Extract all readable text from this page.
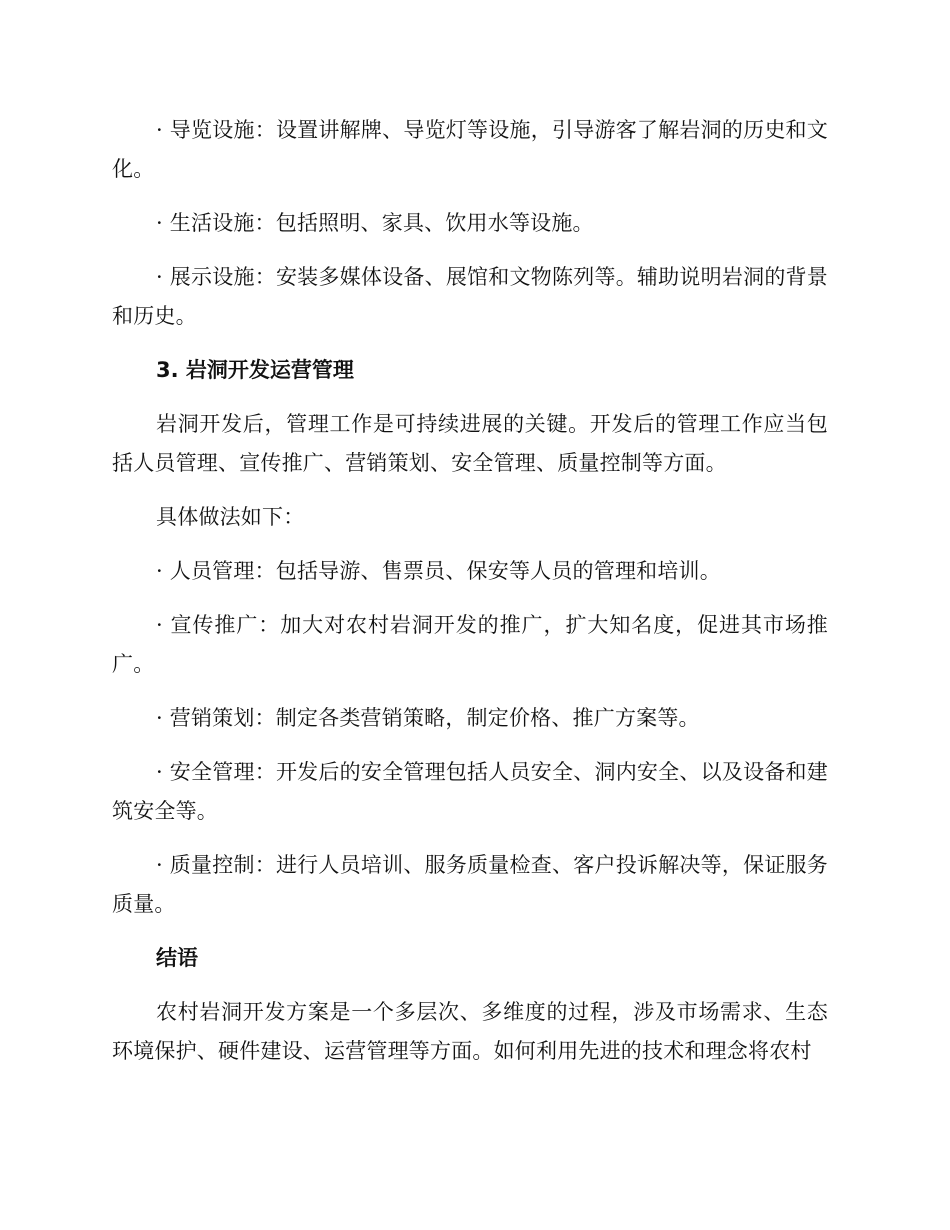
· 导览设施：设置讲解牌、导览灯等设施，引导游客了解岩洞的历史和文化。

· 生活设施：包括照明、家具、饮用水等设施。

· 展示设施：安装多媒体设备、展馆和文物陈列等。辅助说明岩洞的背景和历史。

3. 岩洞开发运营管理

岩洞开发后，管理工作是可持续进展的关键。开发后的管理工作应当包括人员管理、宣传推广、营销策划、安全管理、质量控制等方面。

具体做法如下：

· 人员管理：包括导游、售票员、保安等人员的管理和培训。

· 宣传推广：加大对农村岩洞开发的推广，扩大知名度，促进其市场推广。

· 营销策划：制定各类营销策略，制定价格、推广方案等。

· 安全管理：开发后的安全管理包括人员安全、洞内安全、以及设备和建筑安全等。

· 质量控制：进行人员培训、服务质量检查、客户投诉解决等，保证服务质量。

结语

农村岩洞开发方案是一个多层次、多维度的过程，涉及市场需求、生态环境保护、硬件建设、运营管理等方面。如何利用先进的技术和理念将农村
